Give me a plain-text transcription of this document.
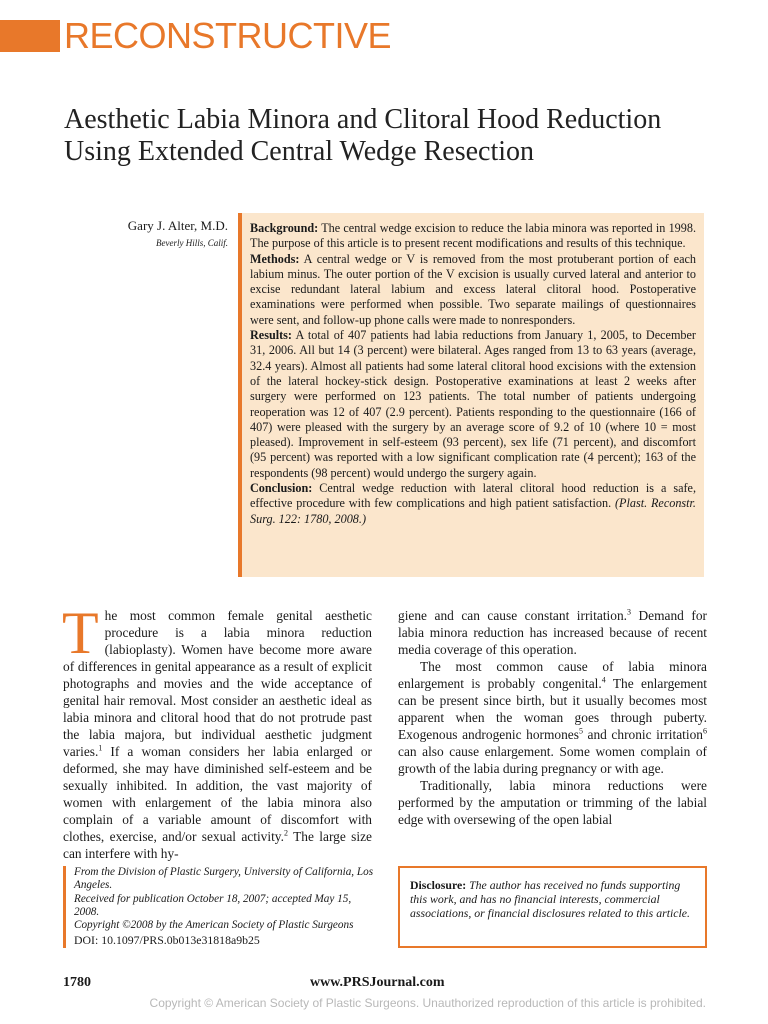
RECONSTRUCTIVE
Aesthetic Labia Minora and Clitoral Hood Reduction Using Extended Central Wedge Resection
Gary J. Alter, M.D.
Beverly Hills, Calif.

Background: The central wedge excision to reduce the labia minora was reported in 1998. The purpose of this article is to present recent modifications and results of this technique.

Methods: A central wedge or V is removed from the most protuberant portion of each labium minus. The outer portion of the V excision is usually curved lateral and anterior to excise redundant lateral labium and excess lateral clitoral hood. Postoperative examinations were performed when possible. Two separate mailings of questionnaires were sent, and follow-up phone calls were made to nonresponders.

Results: A total of 407 patients had labia reductions from January 1, 2005, to December 31, 2006. All but 14 (3 percent) were bilateral. Ages ranged from 13 to 63 years (average, 32.4 years). Almost all patients had some lateral clitoral hood excisions with the extension of the lateral hockey-stick design. Postoperative examinations at least 2 weeks after surgery were performed on 123 patients. The total number of patients undergoing reoperation was 12 of 407 (2.9 percent). Patients responding to the questionnaire (166 of 407) were pleased with the surgery by an average score of 9.2 of 10 (where 10 = most pleased). Improvement in self-esteem (93 percent), sex life (71 percent), and discomfort (95 percent) was reported with a low significant complication rate (4 percent); 163 of the respondents (98 percent) would undergo the surgery again.

Conclusion: Central wedge reduction with lateral clitoral hood reduction is a safe, effective procedure with few complications and high patient satisfaction. (Plast. Reconstr. Surg. 122: 1780, 2008.)

The most common female genital aesthetic procedure is a labia minora reduction (labioplasty). Women have become more aware of differences in genital appearance as a result of explicit photographs and movies and the wide acceptance of genital hair removal. Most consider an aesthetic ideal as labia minora and clitoral hood that do not protrude past the labia majora, but individual aesthetic judgment varies.$^1$ If a woman considers her labia enlarged or deformed, she may have diminished self-esteem and be sexually inhibited. In addition, the vast majority of women with enlargement of the labia minora also complain of a variable amount of discomfort with clothes, exercise, and/or sexual activity.$^2$ The large size can interfere with hy-

giene and can cause constant irritation.$^3$ Demand for labia minora reduction has increased because of recent media coverage of this operation.

The most common cause of labia minora enlargement is probably congenital.$^4$ The enlargement can be present since birth, but it usually becomes most apparent when the woman goes through puberty. Exogenous androgenic hormones$^5$ and chronic irritation$^6$ can also cause enlargement. Some women complain of growth of the labia during pregnancy or with age.

Traditionally, labia minora reductions were performed by the amputation or trimming of the labial edge with oversewing of the open labial

From the Division of Plastic Surgery, University of California, Los Angeles.
Received for publication October 18, 2007; accepted May 15, 2008.
Copyright ©2008 by the American Society of Plastic Surgeons
DOI: 10.1097/PRS.0b013e31818a9b25
Disclosure: The author has received no funds supporting this work, and has no financial interests, commercial associations, or financial disclosures related to this article.
1780	www.PRSJournal.com
Copyright © American Society of Plastic Surgeons. Unauthorized reproduction of this article is prohibited.
